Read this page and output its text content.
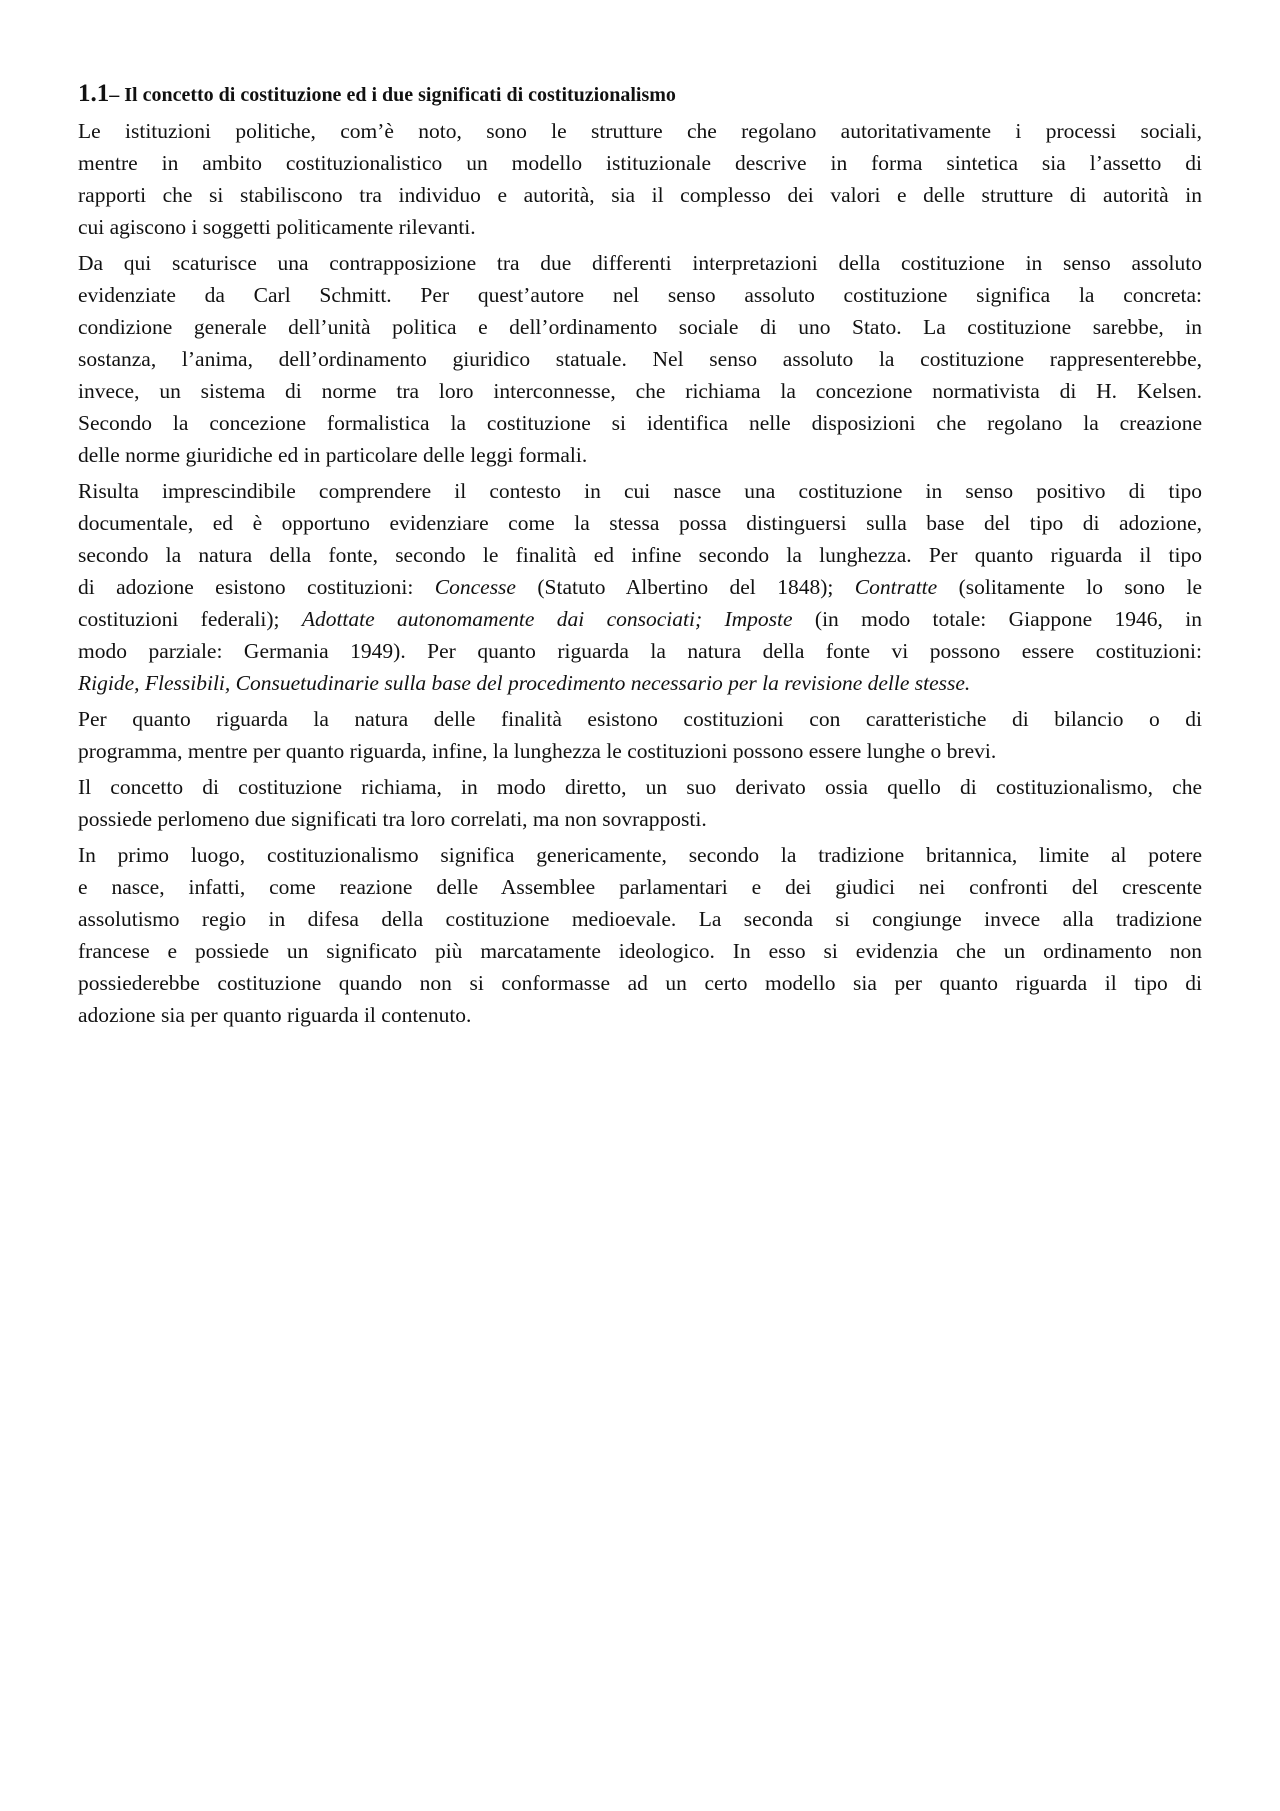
1.1– Il concetto di costituzione ed i due significati di costituzionalismo
Le istituzioni politiche, com’è noto, sono le strutture che regolano autoritativamente i processi sociali,
mentre in ambito costituzionalistico un modello istituzionale descrive in forma sintetica sia l’assetto di
rapporti che si stabiliscono tra individuo e autorità, sia il complesso dei valori e delle strutture di autorità in
cui agiscono i soggetti politicamente rilevanti.
Da qui scaturisce una contrapposizione tra due differenti interpretazioni della costituzione in senso assoluto
evidenziate da Carl Schmitt. Per quest’autore nel senso assoluto costituzione significa la concreta:
condizione generale dell’unità politica e dell’ordinamento sociale di uno Stato. La costituzione sarebbe, in
sostanza, l’anima, dell’ordinamento giuridico statuale. Nel senso assoluto la costituzione rappresenterebbe,
invece, un sistema di norme tra loro interconnesse, che richiama la concezione normativista di H. Kelsen.
Secondo la concezione formalistica la costituzione si identifica nelle disposizioni che regolano la creazione
delle norme giuridiche ed in particolare delle leggi formali.
Risulta imprescindibile comprendere il contesto in cui nasce una costituzione in senso positivo di tipo
documentale, ed è opportuno evidenziare come la stessa possa distinguersi sulla base del tipo di adozione,
secondo la natura della fonte, secondo le finalità ed infine secondo la lunghezza. Per quanto riguarda il tipo
di adozione esistono costituzioni: Concesse (Statuto Albertino del 1848); Contratte (solitamente lo sono le
costituzioni federali); Adottate autonomamente dai consociati; Imposte (in modo totale: Giappone 1946, in
modo parziale: Germania 1949). Per quanto riguarda la natura della fonte vi possono essere costituzioni:
Rigide, Flessibili, Consuetudinarie sulla base del procedimento necessario per la revisione delle stesse.
Per quanto riguarda la natura delle finalità esistono costituzioni con caratteristiche di bilancio o di
programma, mentre per quanto riguarda, infine, la lunghezza le costituzioni possono essere lunghe o brevi.
Il concetto di costituzione richiama, in modo diretto, un suo derivato ossia quello di costituzionalismo, che
possiede perlomeno due significati tra loro correlati, ma non sovrapposti.
In primo luogo, costituzionalismo significa genericamente, secondo la tradizione britannica, limite al potere
e nasce, infatti, come reazione delle Assemblee parlamentari e dei giudici nei confronti del crescente
assolutismo regio in difesa della costituzione medioevale. La seconda si congiunge invece alla tradizione
francese e possiede un significato più marcatamente ideologico. In esso si evidenzia che un ordinamento non
possiederebbe costituzione quando non si conformasse ad un certo modello sia per quanto riguarda il tipo di
adozione sia per quanto riguarda il contenuto.
